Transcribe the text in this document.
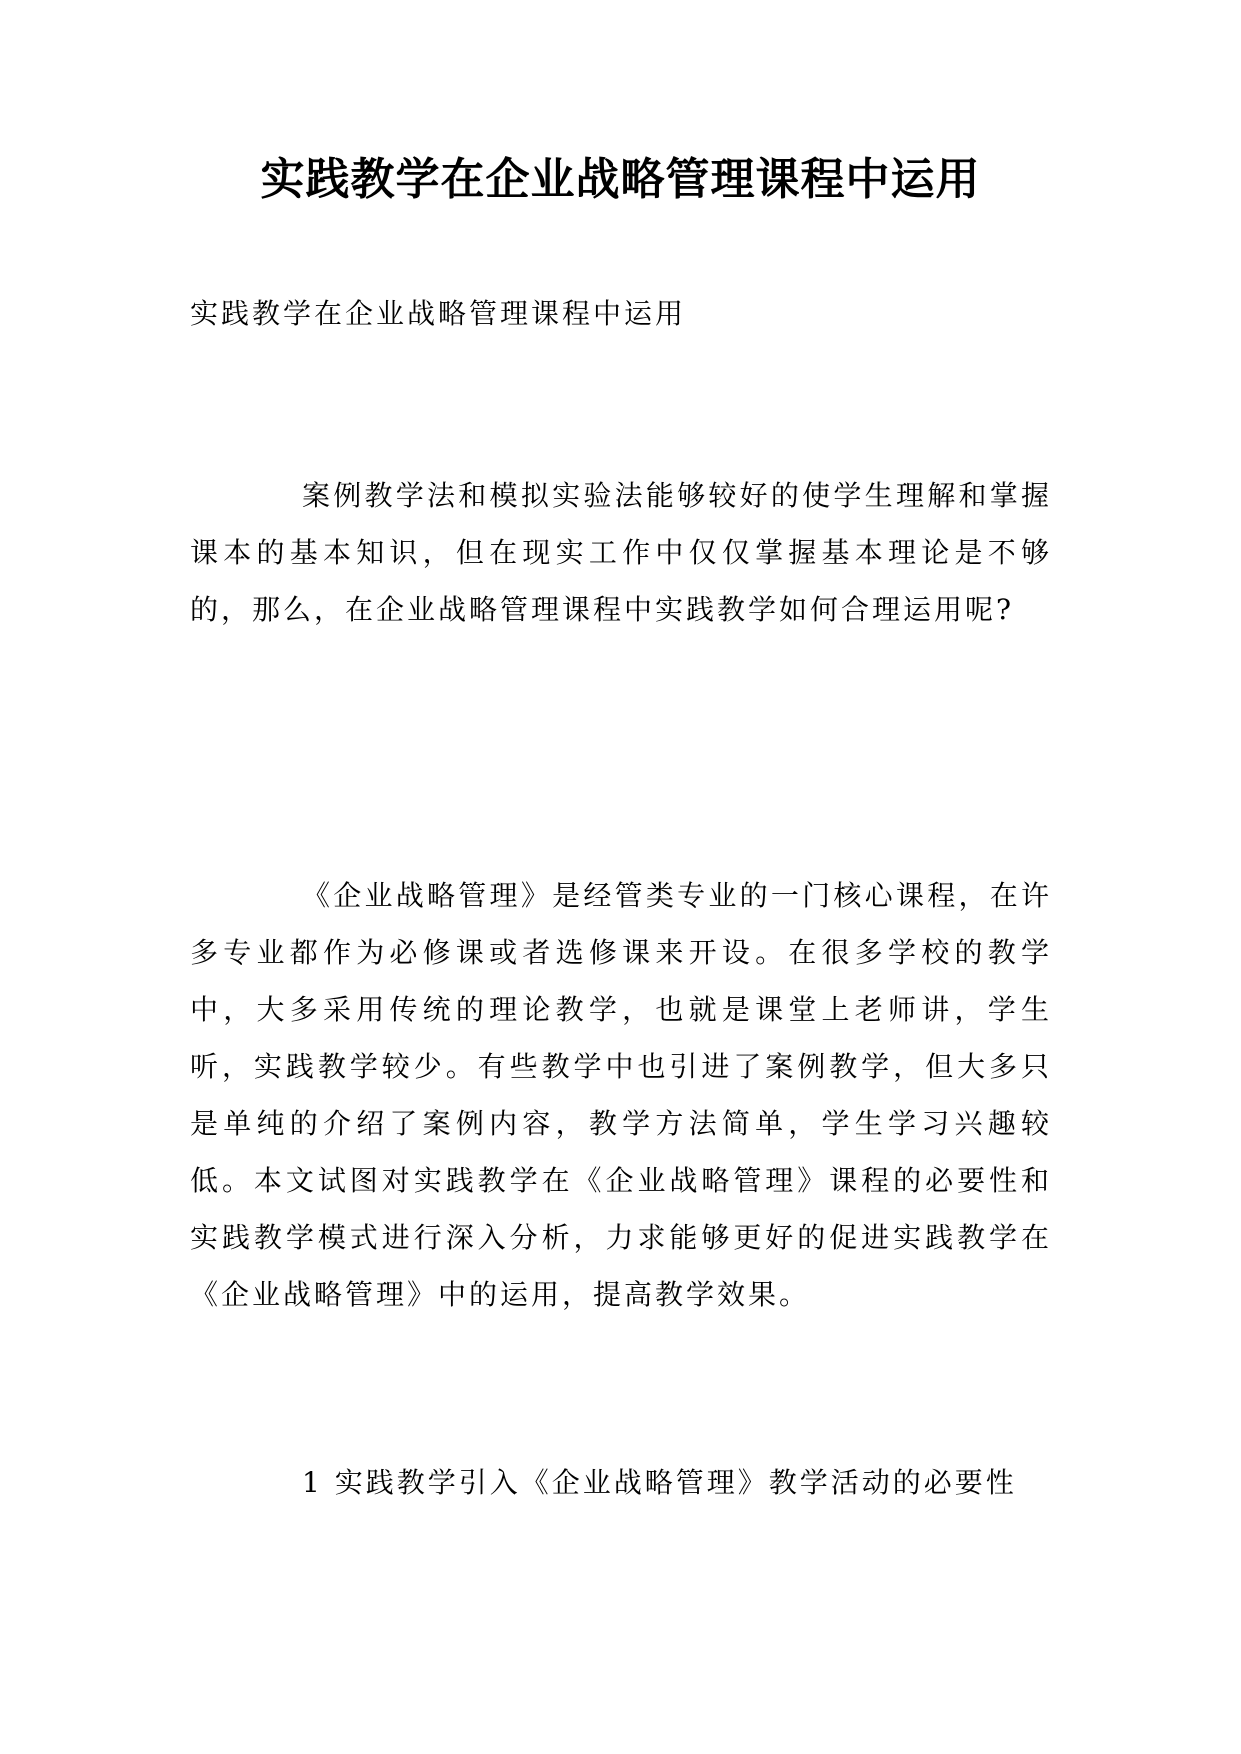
实践教学在企业战略管理课程中运用

实践教学在企业战略管理课程中运用

案例教学法和模拟实验法能够较好的使学生理解和掌握课本的基本知识，但在现实工作中仅仅掌握基本理论是不够的，那么，在企业战略管理课程中实践教学如何合理运用呢?

《企业战略管理》是经管类专业的一门核心课程，在许多专业都作为必修课或者选修课来开设。在很多学校的教学中，大多采用传统的理论教学，也就是课堂上老师讲，学生听，实践教学较少。有些教学中也引进了案例教学，但大多只是单纯的介绍了案例内容，教学方法简单，学生学习兴趣较低。本文试图对实践教学在《企业战略管理》课程的必要性和实践教学模式进行深入分析，力求能够更好的促进实践教学在《企业战略管理》中的运用，提高教学效果。

1 实践教学引入《企业战略管理》教学活动的必要性
